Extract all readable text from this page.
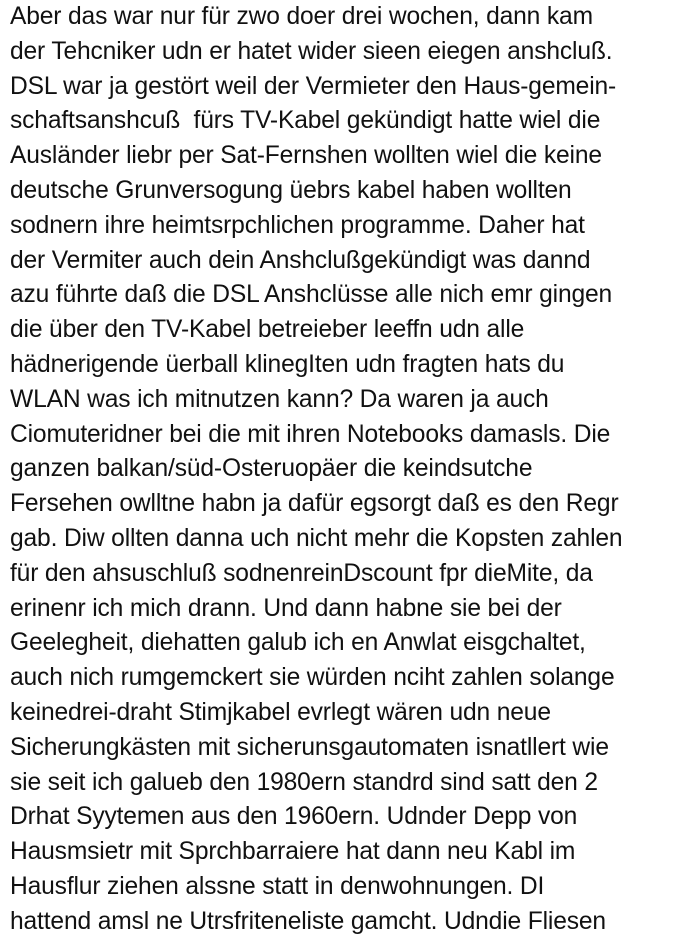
Aber das war nur für zwo doer drei wochen, dann kam
der Tehcniker udn er hatet wider sieen eiegen anshcluß.
DSL war ja gestört weil der Vermieter den Haus-gemein-
schaftsanshcuß  fürs TV-Kabel gekündigt hatte wiel die
Ausländer liebr per Sat-Fernshen wollten wiel die keine
deutsche Grunversogung üebrs kabel haben wollten
sodnern ihre heimtsrpchlichen programme. Daher hat
der Vermiter auch dein Anshclußgekündigt was dannd
azu führte daß die DSL Anshclüsse alle nich emr gingen
die über den TV-Kabel betreieber leeffn udn alle
hädnerigende üerball klinegIten udn fragten hats du
WLAN was ich mitnutzen kann? Da waren ja auch
Ciomuteridner bei die mit ihren Notebooks damasls. Die
ganzen balkan/süd-Osteruopäer die keindsutche
Fersehen owlltne habn ja dafür egsorgt daß es den Regr
gab. Diw ollten danna uch nicht mehr die Kopsten zahlen
für den ahsuschluß sodnenreinDscount fpr dieMite, da
erinenr ich mich drann. Und dann habne sie bei der
Geelegheit, diehatten galub ich en Anwlat eisgchaltet,
auch nich rumgemckert sie würden nciht zahlen solange
keinedrei-draht Stimjkabel evrlegt wären udn neue
Sicherungkästen mit sicherunsgautomaten isnatllert wie
sie seit ich galueb den 1980ern standrd sind satt den 2
Drhat Syytemen aus den 1960ern. Udnder Depp von
Hausmsietr mit Sprchbarraiere hat dann neu Kabl im
Hausflur ziehen alssne statt in denwohnungen. DI
hattend amsl ne Utrsfriteneliste gamcht. Udndie Fliesen
